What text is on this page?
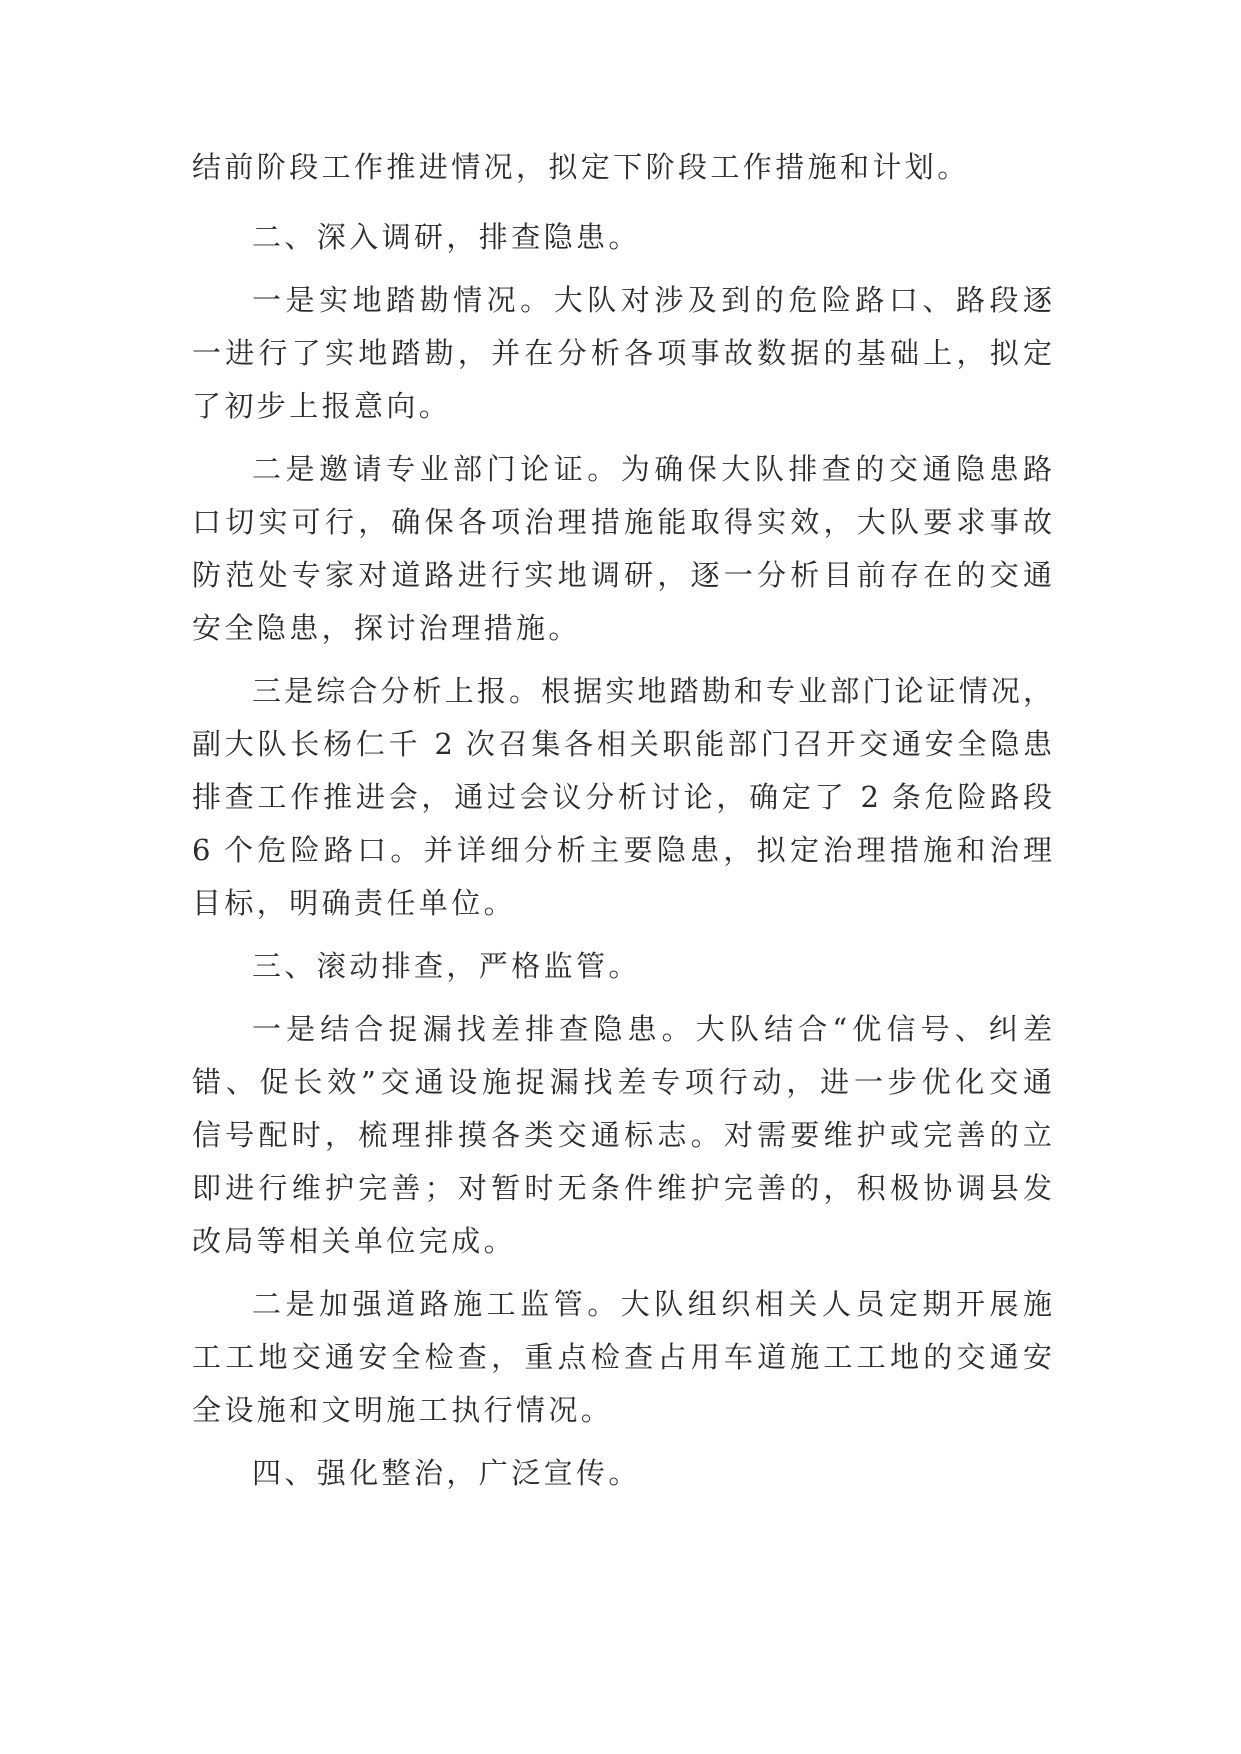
结前阶段工作推进情况，拟定下阶段工作措施和计划。
二、深入调研，排查隐患。
一是实地踏勘情况。大队对涉及到的危险路口、路段逐
一进行了实地踏勘，并在分析各项事故数据的基础上，拟定
了初步上报意向。
二是邀请专业部门论证。为确保大队排查的交通隐患路
口切实可行，确保各项治理措施能取得实效，大队要求事故
防范处专家对道路进行实地调研，逐一分析目前存在的交通
安全隐患，探讨治理措施。
三是综合分析上报。根据实地踏勘和专业部门论证情况，
副大队长杨仁千 2 次召集各相关职能部门召开交通安全隐患
排查工作推进会，通过会议分析讨论，确定了 2 条危险路段
6 个危险路口。并详细分析主要隐患，拟定治理措施和治理
目标，明确责任单位。
三、滚动排查，严格监管。
一是结合捉漏找差排查隐患。大队结合“优信号、纠差
错、促长效”交通设施捉漏找差专项行动，进一步优化交通
信号配时，梳理排摸各类交通标志。对需要维护或完善的立
即进行维护完善；对暂时无条件维护完善的，积极协调县发
改局等相关单位完成。
二是加强道路施工监管。大队组织相关人员定期开展施
工工地交通安全检查，重点检查占用车道施工工地的交通安
全设施和文明施工执行情况。
四、强化整治，广泛宣传。
